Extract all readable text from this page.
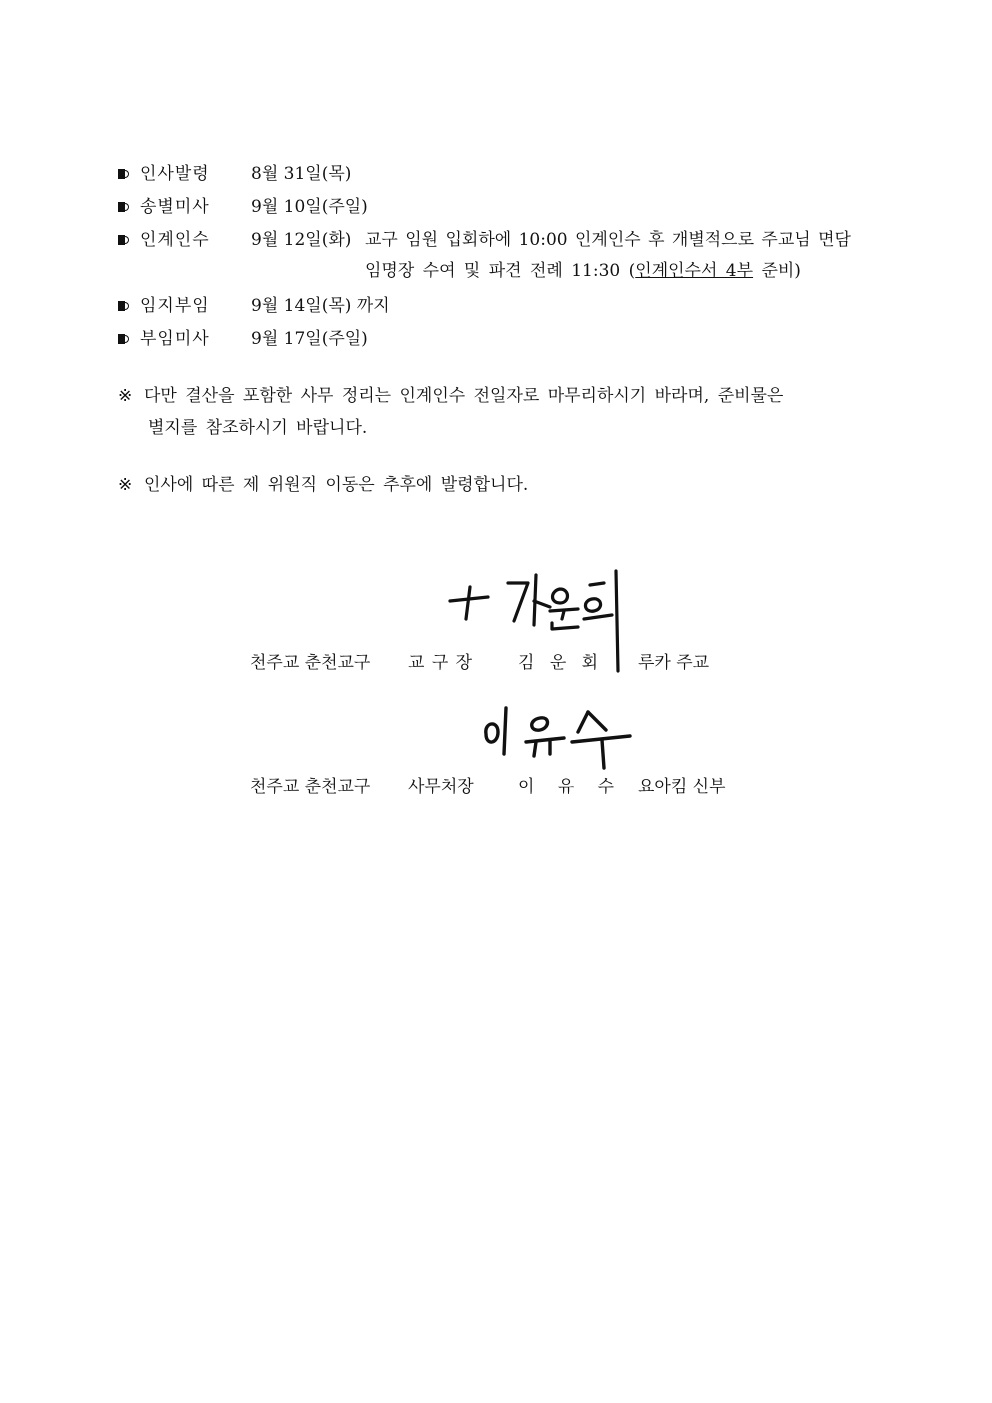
인사발령 8월 31일(목)
송별미사 9월 10일(주일)
인계인수 9월 12일(화) 교구 임원 입회하에 10:00 인계인수 후 개별적으로 주교님 면담
임명장 수여 및 파견 전례 11:30 (인계인수서 4부 준비)
임지부임 9월 14일(목) 까지
부임미사 9월 17일(주일)
※ 다만 결산을 포함한 사무 정리는 인계인수 전일자로 마무리하시기 바라며, 준비물은
별지를 참조하시기 바랍니다.
※ 인사에 따른 제 위원직 이동은 추후에 발령합니다.
천주교 춘천교구 교 구 장	김 운 회 루카 주교
천주교 춘천교구 사무처장	이 유 수 요아킴 신부
